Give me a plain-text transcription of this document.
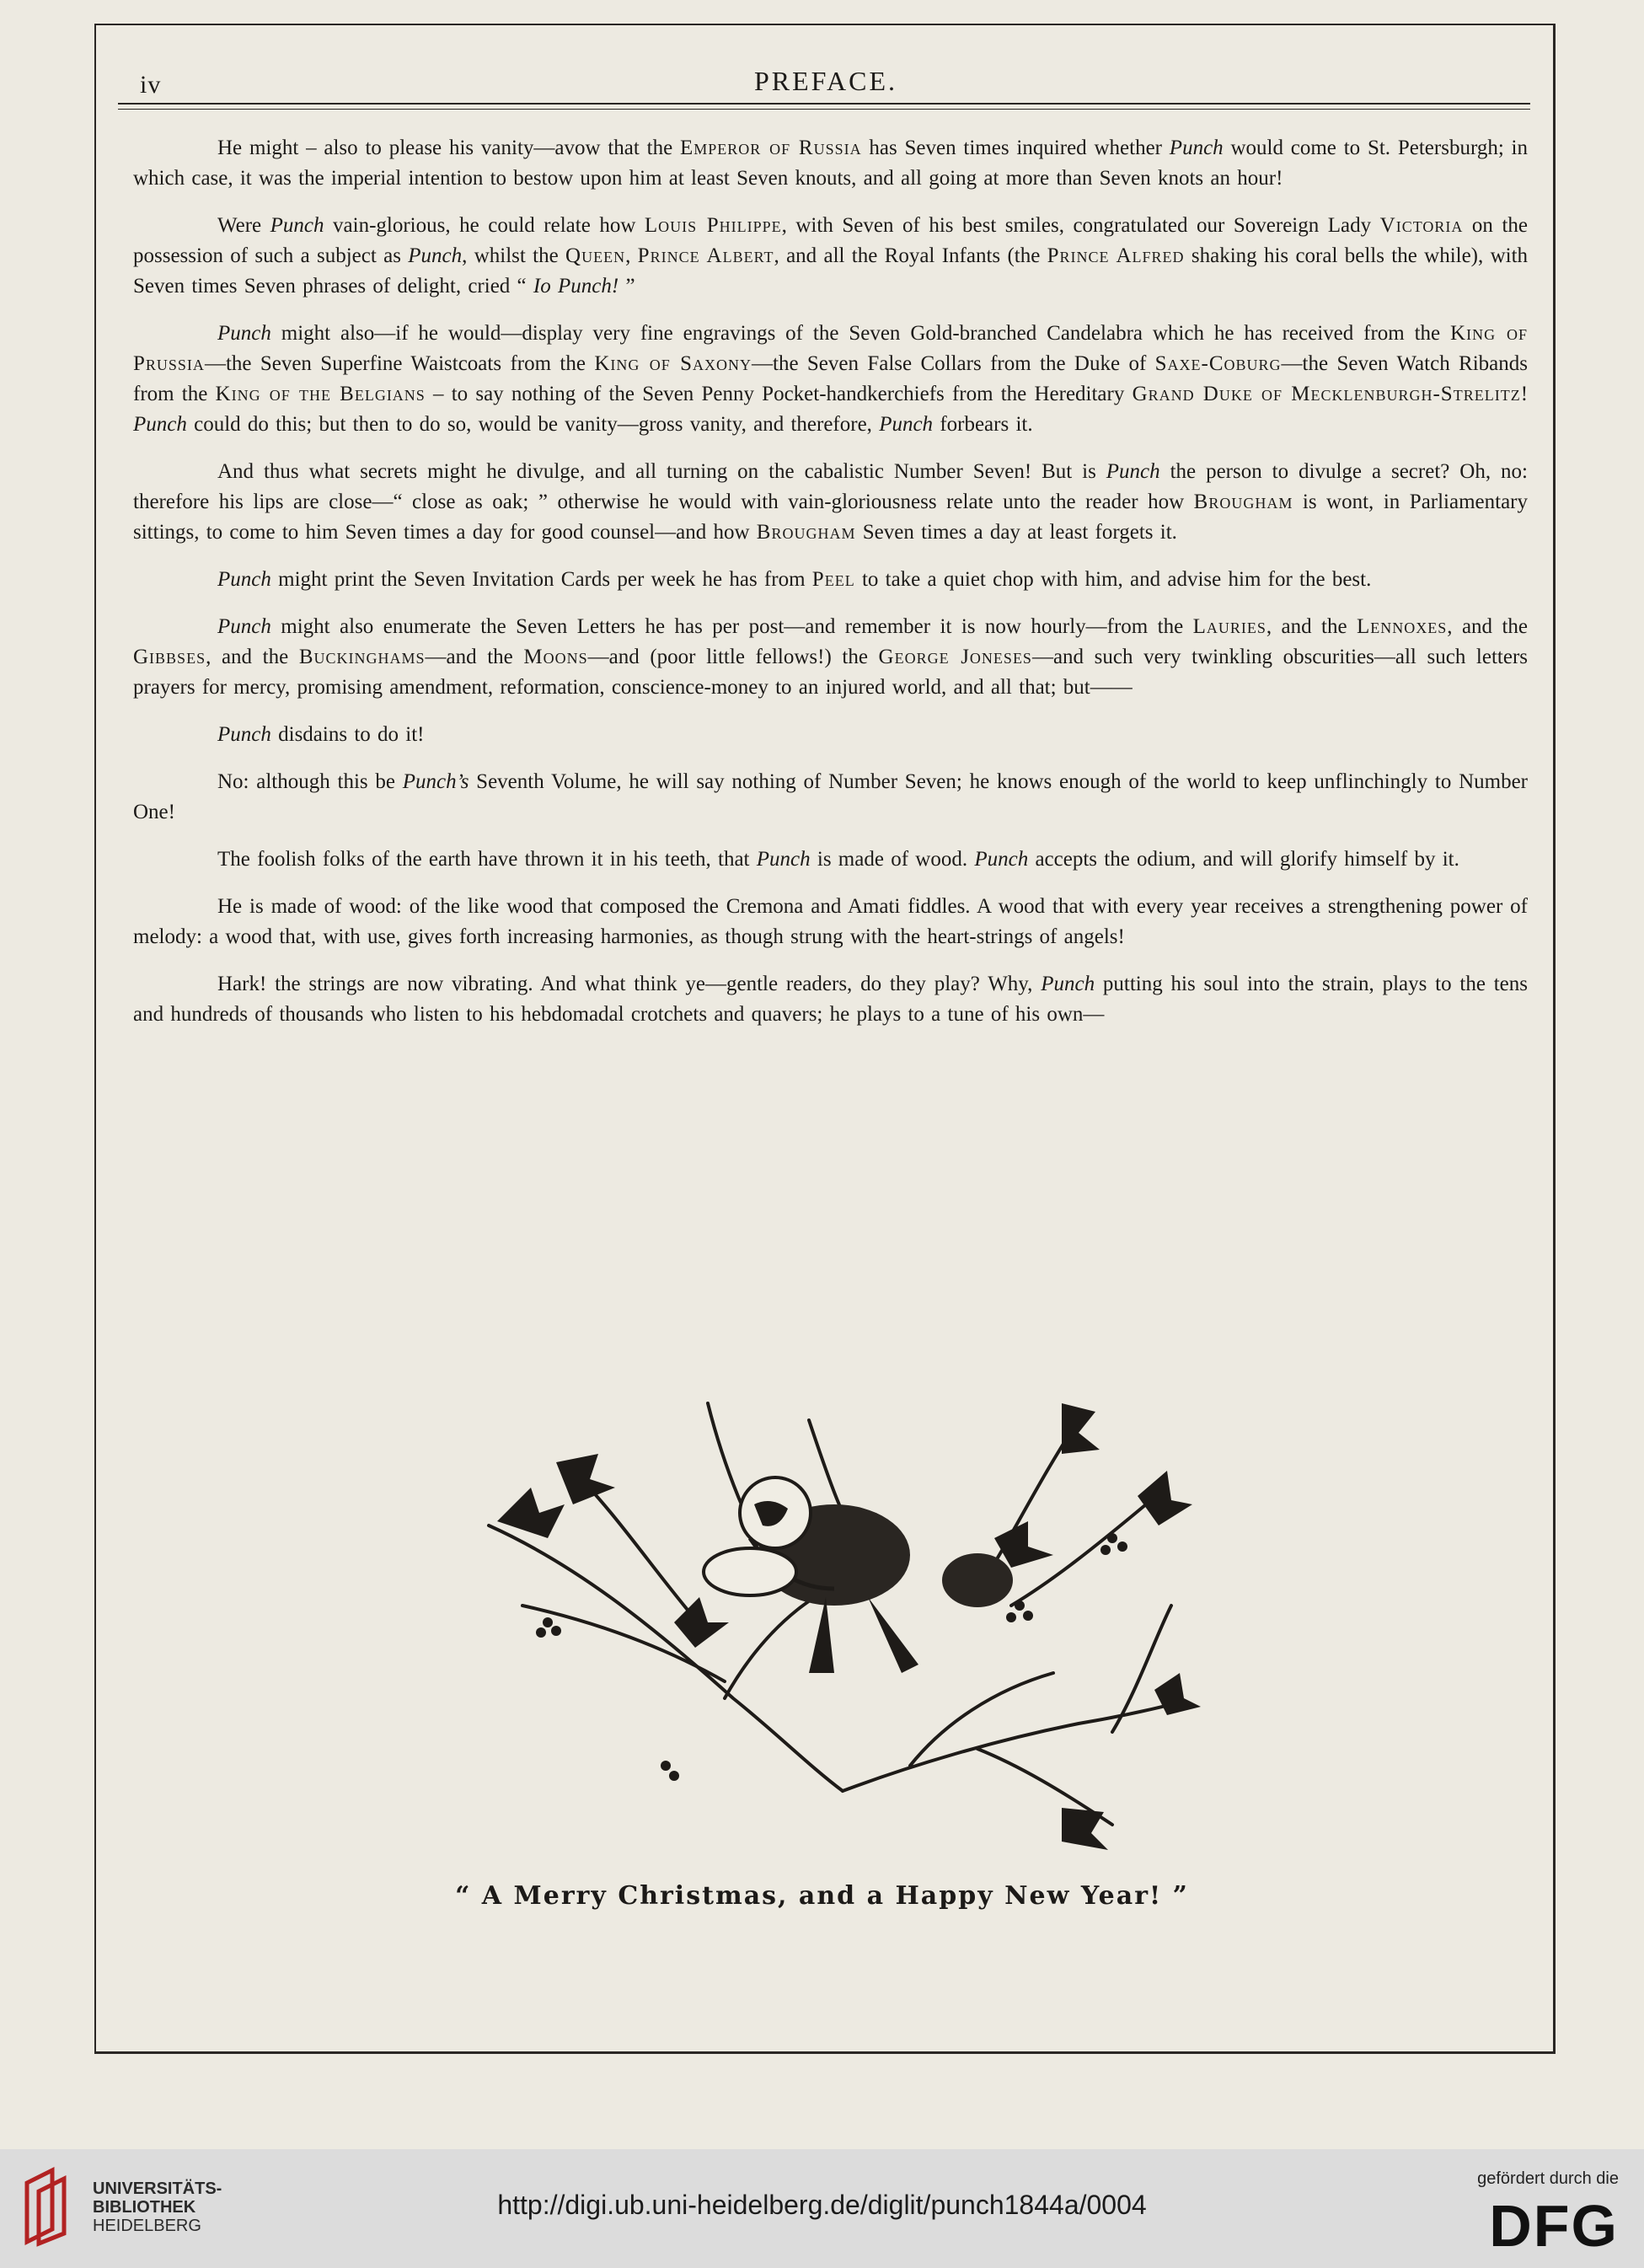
iv	PREFACE.

He might – also to please his vanity—avow that the Emperor of Russia has Seven times inquired whether Punch would come to St. Petersburgh; in which case, it was the imperial intention to bestow upon him at least Seven knouts, and all going at more than Seven knots an hour!

Were Punch vain-glorious, he could relate how Louis Philippe, with Seven of his best smiles, congratulated our Sovereign Lady Victoria on the possession of such a subject as Punch, whilst the Queen, Prince Albert, and all the Royal Infants (the Prince Alfred shaking his coral bells the while), with Seven times Seven phrases of delight, cried “ Io Punch! ”

Punch might also—if he would—display very fine engravings of the Seven Gold-branched Candelabra which he has received from the King of Prussia—the Seven Superfine Waistcoats from the King of Saxony—the Seven False Collars from the Duke of Saxe-Coburg—the Seven Watch Ribands from the King of the Belgians – to say nothing of the Seven Penny Pocket-handkerchiefs from the Hereditary Grand Duke of Mecklenburgh-Strelitz! Punch could do this; but then to do so, would be vanity—gross vanity, and therefore, Punch forbears it.

And thus what secrets might he divulge, and all turning on the cabalistic Number Seven! But is Punch the person to divulge a secret? Oh, no: therefore his lips are close—“ close as oak; ” otherwise he would with vain-gloriousness relate unto the reader how Brougham is wont, in Parliamentary sittings, to come to him Seven times a day for good counsel—and how Brougham Seven times a day at least forgets it.

Punch might print the Seven Invitation Cards per week he has from Peel to take a quiet chop with him, and advise him for the best.

Punch might also enumerate the Seven Letters he has per post—and remember it is now hourly—from the Lauries, and the Lennoxes, and the Gibbses, and the Buckinghams—and the Moons—and (poor little fellows!) the George Joneses—and such very twinkling obscurities—all such letters prayers for mercy, promising amendment, reformation, conscience-money to an injured world, and all that; but——

Punch disdains to do it!

No: although this be Punch’s Seventh Volume, he will say nothing of Number Seven; he knows enough of the world to keep unflinchingly to Number One!

The foolish folks of the earth have thrown it in his teeth, that Punch is made of wood. Punch accepts the odium, and will glorify himself by it.

He is made of wood: of the like wood that composed the Cremona and Amati fiddles. A wood that with every year receives a strengthening power of melody: a wood that, with use, gives forth increasing harmonies, as though strung with the heart-strings of angels!

Hark! the strings are now vibrating. And what think ye—gentle readers, do they play? Why, Punch putting his soul into the strain, plays to the tens and hundreds of thousands who listen to his hebdomadal crotchets and quavers; he plays to a tune of his own—

“ A Merry Christmas, and a Happy New Year! ”
UNIVERSITÄTS-
BIBLIOTHEK
HEIDELBERG
http://digi.ub.uni-heidelberg.de/diglit/punch1844a/0004
gefördert durch die
DFG
